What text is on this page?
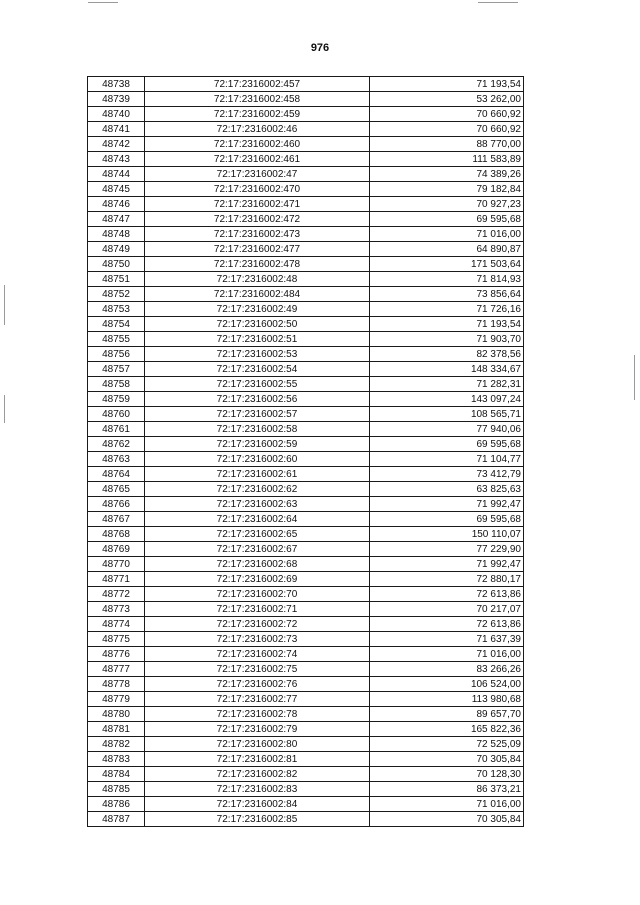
976
48738	72:17:2316002:457	71 193,54
48739	72:17:2316002:458	53 262,00
48740	72:17:2316002:459	70 660,92
48741	72:17:2316002:46	70 660,92
48742	72:17:2316002:460	88 770,00
48743	72:17:2316002:461	111 583,89
48744	72:17:2316002:47	74 389,26
48745	72:17:2316002:470	79 182,84
48746	72:17:2316002:471	70 927,23
48747	72:17:2316002:472	69 595,68
48748	72:17:2316002:473	71 016,00
48749	72:17:2316002:477	64 890,87
48750	72:17:2316002:478	171 503,64
48751	72:17:2316002:48	71 814,93
48752	72:17:2316002:484	73 856,64
48753	72:17:2316002:49	71 726,16
48754	72:17:2316002:50	71 193,54
48755	72:17:2316002:51	71 903,70
48756	72:17:2316002:53	82 378,56
48757	72:17:2316002:54	148 334,67
48758	72:17:2316002:55	71 282,31
48759	72:17:2316002:56	143 097,24
48760	72:17:2316002:57	108 565,71
48761	72:17:2316002:58	77 940,06
48762	72:17:2316002:59	69 595,68
48763	72:17:2316002:60	71 104,77
48764	72:17:2316002:61	73 412,79
48765	72:17:2316002:62	63 825,63
48766	72:17:2316002:63	71 992,47
48767	72:17:2316002:64	69 595,68
48768	72:17:2316002:65	150 110,07
48769	72:17:2316002:67	77 229,90
48770	72:17:2316002:68	71 992,47
48771	72:17:2316002:69	72 880,17
48772	72:17:2316002:70	72 613,86
48773	72:17:2316002:71	70 217,07
48774	72:17:2316002:72	72 613,86
48775	72:17:2316002:73	71 637,39
48776	72:17:2316002:74	71 016,00
48777	72:17:2316002:75	83 266,26
48778	72:17:2316002:76	106 524,00
48779	72:17:2316002:77	113 980,68
48780	72:17:2316002:78	89 657,70
48781	72:17:2316002:79	165 822,36
48782	72:17:2316002:80	72 525,09
48783	72:17:2316002:81	70 305,84
48784	72:17:2316002:82	70 128,30
48785	72:17:2316002:83	86 373,21
48786	72:17:2316002:84	71 016,00
48787	72:17:2316002:85	70 305,84
